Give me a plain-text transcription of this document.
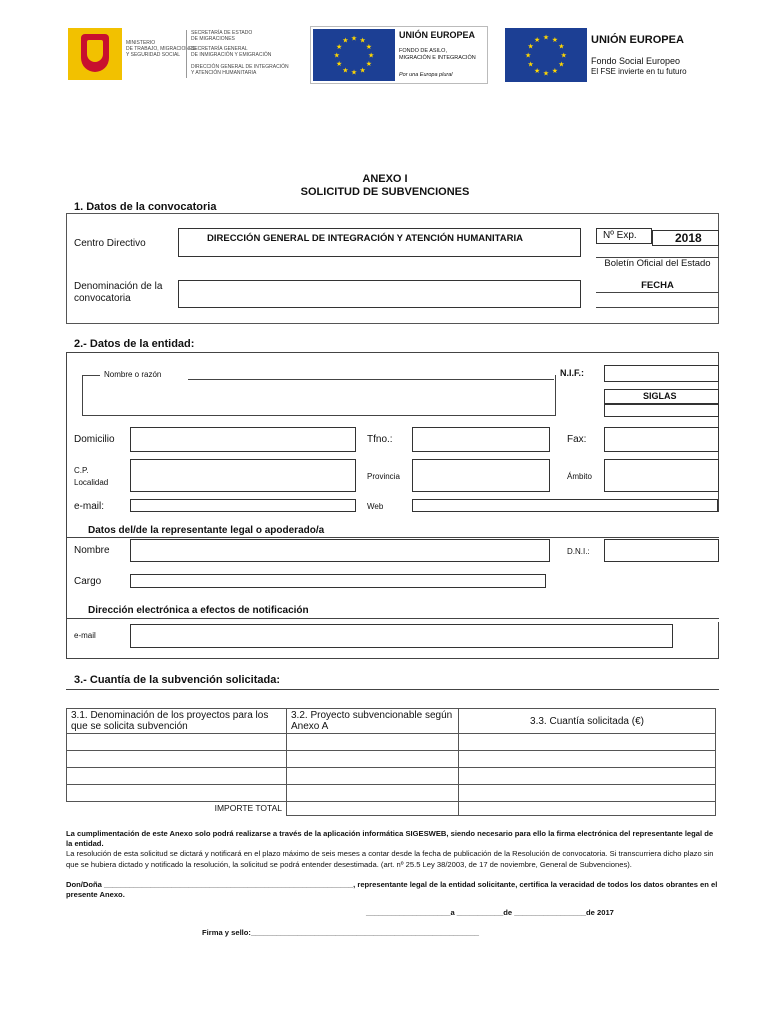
MINISTERIO
DE TRABAJO, MIGRACIONES
Y SEGURIDAD SOCIAL
SECRETARÍA DE ESTADO
DE MIGRACIONES
SECRETARÍA GENERAL
DE INMIGRACIÓN Y EMIGRACIÓN
DIRECCIÓN GENERAL DE INTEGRACIÓN
Y ATENCIÓN HUMANITARIA
★ ★
★
★
★
★
★
★
★
★
★
★
UNIÓN EUROPEA
FONDO DE ASILO,
MIGRACIÓN E INTEGRACIÓN
Por una Europa plural
★ ★
★
★
★
★
★
★
★
★
★
★	UNIÓN EUROPEA
Fondo Social Europeo
El FSE invierte en tu futuro
ANEXO I
SOLICITUD DE SUBVENCIONES
1. Datos de la convocatoria
Centro Directivo	DIRECCIÓN GENERAL DE INTEGRACIÓN Y ATENCIÓN HUMANITARIA	Nº Exp.	2018
Boletín Oficial del Estado
FECHA
Denominación de la convocatoria
2.- Datos de la entidad:
Nombre o razón	N.I.F.:
SIGLAS
Domicilio	Tfno.:	Fax:
C.P.
Localidad
Provincia	Ámbito
e-mail:	Web
Datos del/de la representante legal o apoderado/a
Nombre	D.N.I.:
Cargo
Dirección electrónica a efectos de notificación
e-mail
3.- Cuantía de la subvención solicitada:
3.1. Denominación de los proyectos para los que se solicita subvención	3.2. Proyecto subvencionable según Anexo A	3.3. Cuantía solicitada (€)

IMPORTE TOTAL		

La cumplimentación de este Anexo solo podrá realizarse a través de la aplicación informática SIGESWEB, siendo necesario para ello la firma electrónica del representante legal de la entidad.

La resolución de esta solicitud se dictará y notificará en el plazo máximo de seis meses a contar desde la fecha de publicación de la Resolución de convocatoria. Si transcurriera dicho plazo sin que se hubiera dictado y notificado la resolución, la solicitud se podrá entender desestimada. (art. nº 25.5 Ley 38/2003, de 17 de noviembre, General de Subvenciones).

Don/Doña ___________________________________________________________, representante legal de la entidad solicitante, certifica la veracidad de todos los datos obrantes en el presente Anexo.

____________________a ___________de _________________de 2017
Firma y sello:______________________________________________________
